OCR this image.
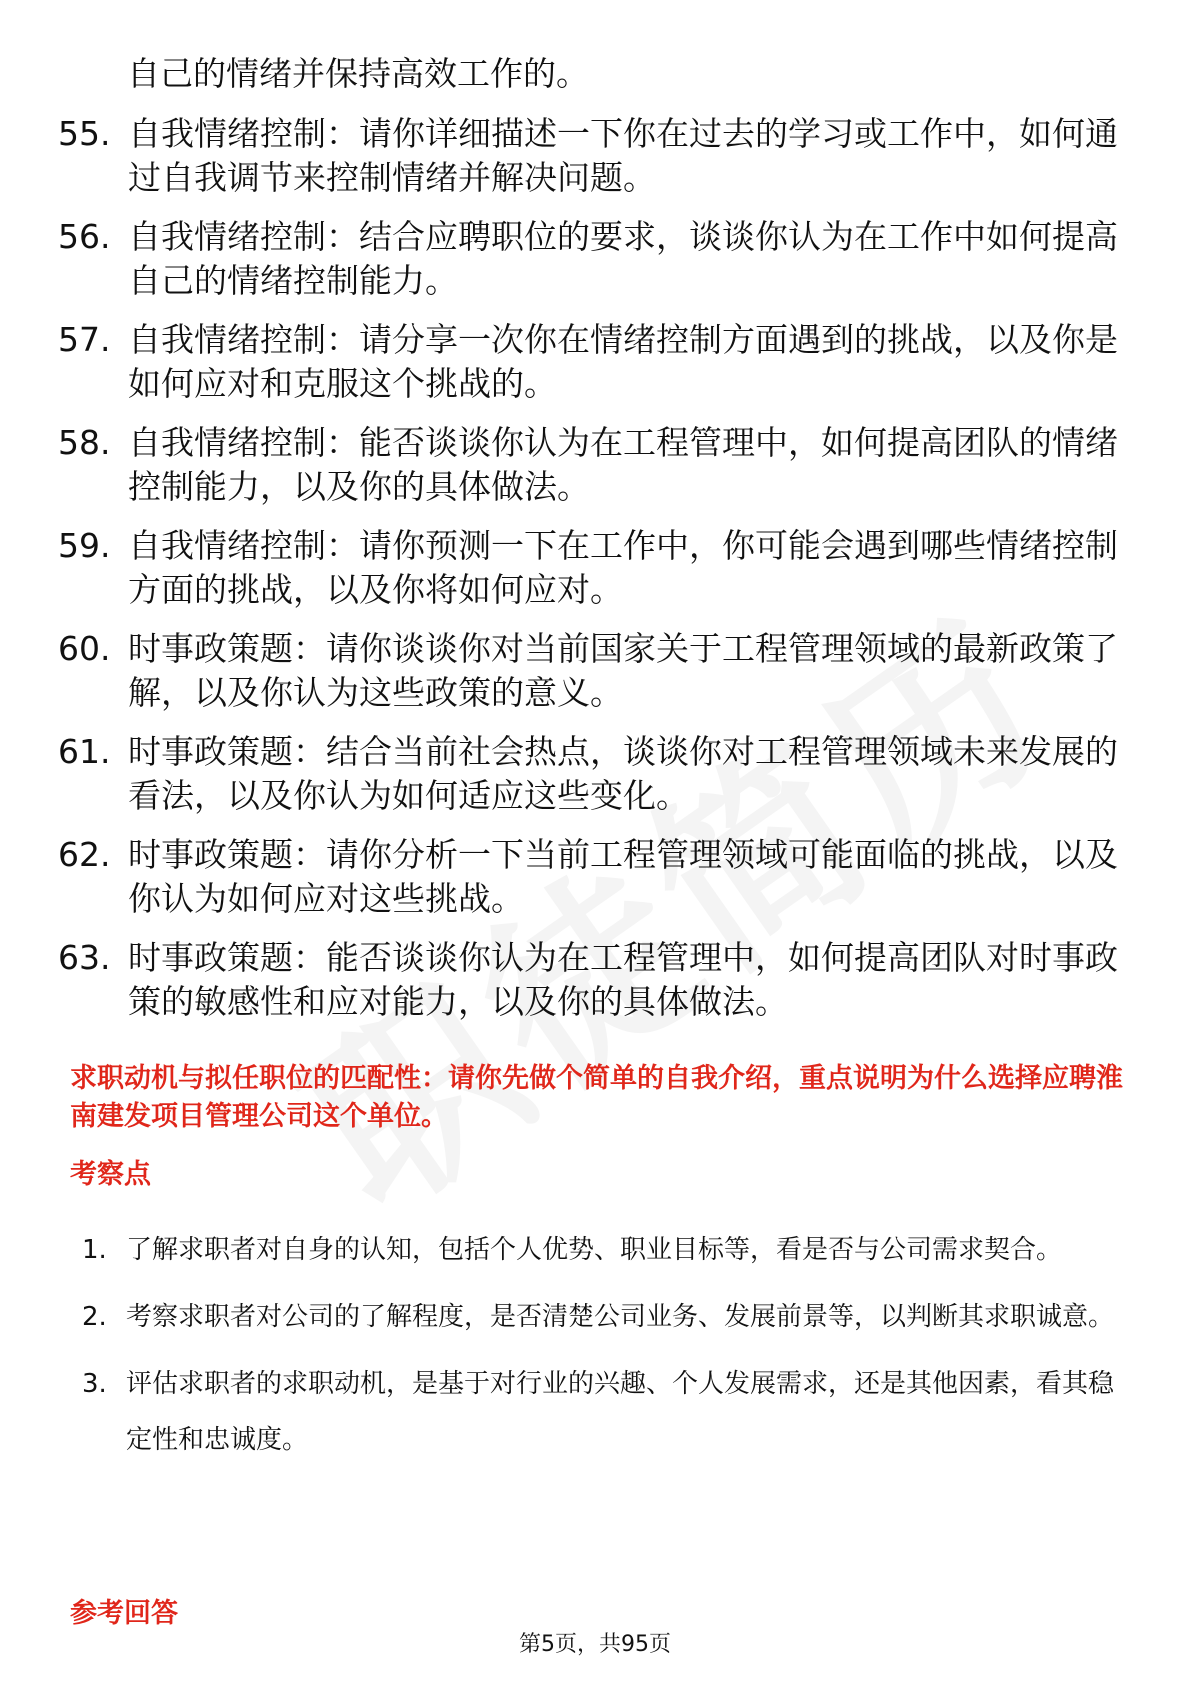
自己的情绪并保持高效工作的。
55. 自我情绪控制：请你详细描述一下你在过去的学习或工作中，如何通过自我调节来控制情绪并解决问题。
56. 自我情绪控制：结合应聘职位的要求，谈谈你认为在工作中如何提高自己的情绪控制能力。
57. 自我情绪控制：请分享一次你在情绪控制方面遇到的挑战，以及你是如何应对和克服这个挑战的。
58. 自我情绪控制：能否谈谈你认为在工程管理中，如何提高团队的情绪控制能力，以及你的具体做法。
59. 自我情绪控制：请你预测一下在工作中，你可能会遇到哪些情绪控制方面的挑战，以及你将如何应对。
60. 时事政策题：请你谈谈你对当前国家关于工程管理领域的最新政策了解，以及你认为这些政策的意义。
61. 时事政策题：结合当前社会热点，谈谈你对工程管理领域未来发展的看法，以及你认为如何适应这些变化。
62. 时事政策题：请你分析一下当前工程管理领域可能面临的挑战，以及你认为如何应对这些挑战。
63. 时事政策题：能否谈谈你认为在工程管理中，如何提高团队对时事政策的敏感性和应对能力，以及你的具体做法。
求职动机与拟任职位的匹配性：请你先做个简单的自我介绍，重点说明为什么选择应聘淮南建发项目管理公司这个单位。
考察点
1. 了解求职者对自身的认知，包括个人优势、职业目标等，看是否与公司需求契合。
2. 考察求职者对公司的了解程度，是否清楚公司业务、发展前景等，以判断其求职诚意。
3. 评估求职者的求职动机，是基于对行业的兴趣、个人发展需求，还是其他因素，看其稳定性和忠诚度。
参考回答
第5页，共95页
